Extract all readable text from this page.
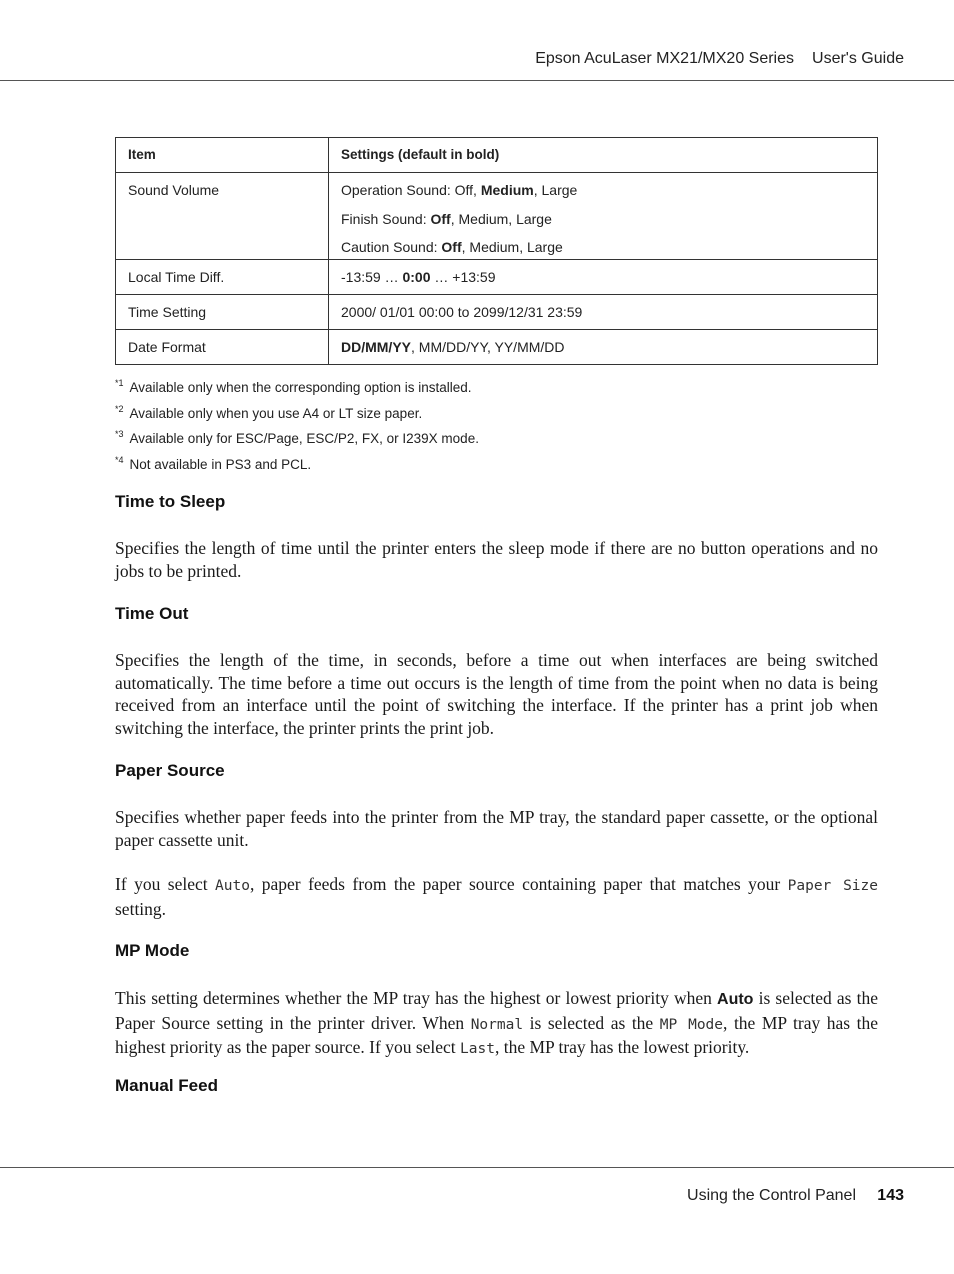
Epson AcuLaser MX21/MX20 Series User's Guide
Item	Settings (default in bold)
Sound Volume	Operation Sound: Off, Medium, Large
Finish Sound: Off, Medium, Large
Caution Sound: Off, Medium, Large

Local Time Diff.	-13:59 … 0:00 … +13:59
Time Setting	2000/ 01/01 00:00 to 2099/12/31 23:59
Date Format	DD/MM/YY, MM/DD/YY, YY/MM/DD
$^{*1}$ Available only when the corresponding option is installed.
$^{*2}$ Available only when you use A4 or LT size paper.
$^{*3}$ Available only for ESC/Page, ESC/P2, FX, or I239X mode.
$^{*4}$ Not available in PS3 and PCL.
Time to Sleep
Specifies the length of time until the printer enters the sleep mode if there are no button operations and no jobs to be printed.
Time Out
Specifies the length of the time, in seconds, before a time out when interfaces are being switched automatically. The time before a time out occurs is the length of time from the point when no data is being received from an interface until the point of switching the interface. If the printer has a print job when switching the interface, the printer prints the print job.
Paper Source
Specifies whether paper feeds into the printer from the MP tray, the standard paper cassette, or the optional paper cassette unit.
If you select Auto, paper feeds from the paper source containing paper that matches your Paper Size setting.
MP Mode
This setting determines whether the MP tray has the highest or lowest priority when Auto is selected as the Paper Source setting in the printer driver. When Normal is selected as the MP Mode, the MP tray has the highest priority as the paper source. If you select Last, the MP tray has the lowest priority.
Manual Feed
Using the Control Panel 143
